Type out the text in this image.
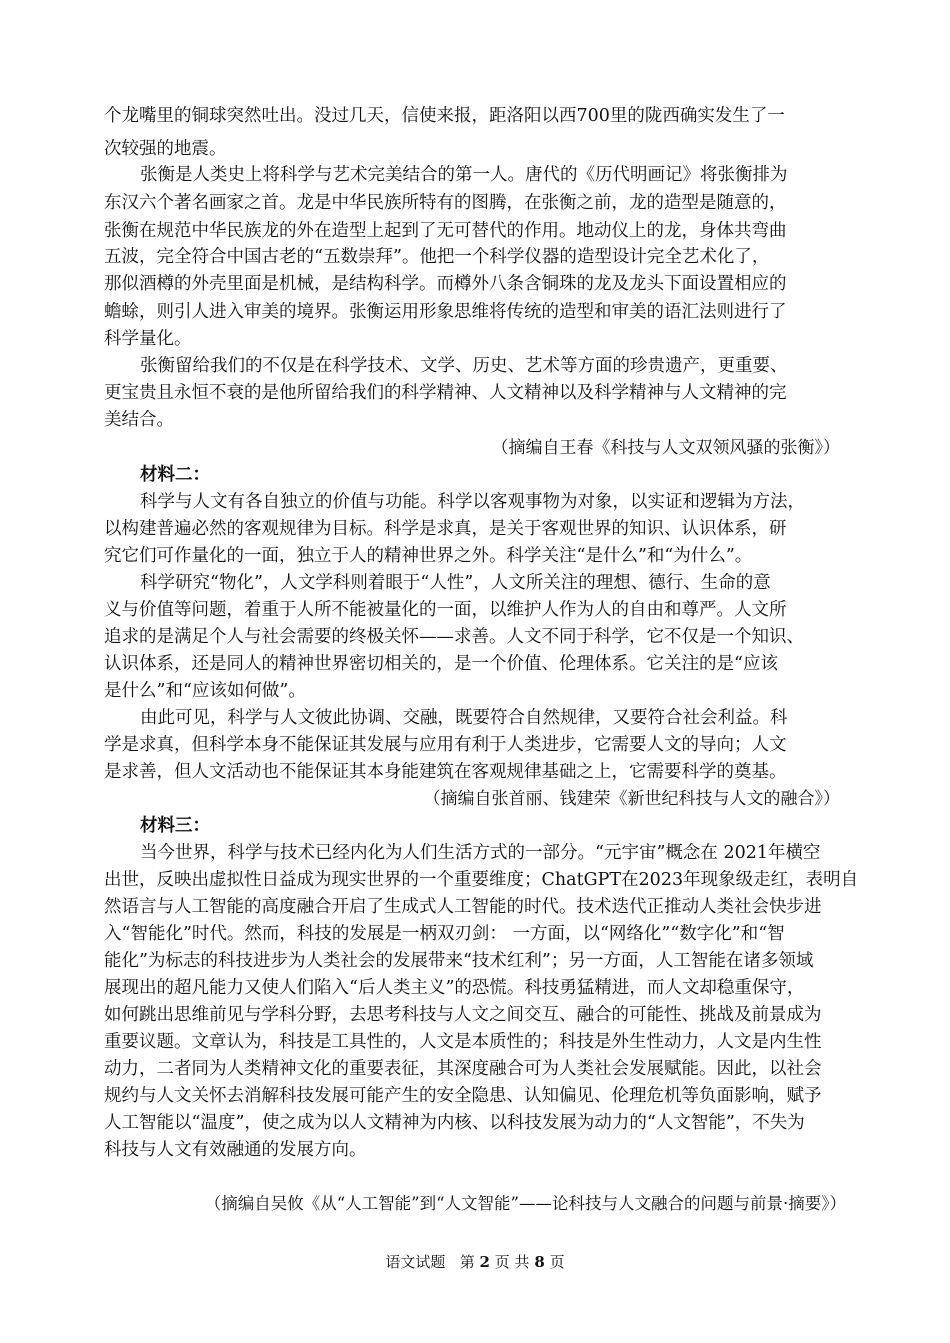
个龙嘴里的铜球突然吐出。没过几天，信使来报，距洛阳以西700里的陇西确实发生了一
次较强的地震。
张衡是人类史上将科学与艺术完美结合的第一人。唐代的《历代明画记》将张衡排为
东汉六个著名画家之首。龙是中华民族所特有的图腾，在张衡之前，龙的造型是随意的，
张衡在规范中华民族龙的外在造型上起到了无可替代的作用。地动仪上的龙，身体共弯曲
五波，完全符合中国古老的“五数崇拜”。他把一个科学仪器的造型设计完全艺术化了，
那似酒樽的外壳里面是机械，是结构科学。而樽外八条含铜珠的龙及龙头下面设置相应的
蟾蜍，则引人进入审美的境界。张衡运用形象思维将传统的造型和审美的语汇法则进行了
科学量化。
张衡留给我们的不仅是在科学技术、文学、历史、艺术等方面的珍贵遗产，更重要、
更宝贵且永恒不衰的是他所留给我们的科学精神、人文精神以及科学精神与人文精神的完
美结合。
（摘编自王春《科技与人文双领风骚的张衡》）
材料二：
科学与人文有各自独立的价值与功能。科学以客观事物为对象，以实证和逻辑为方法，
以构建普遍必然的客观规律为目标。科学是求真，是关于客观世界的知识、认识体系，研
究它们可作量化的一面，独立于人的精神世界之外。科学关注“是什么”和“为什么”。
科学研究“物化”，人文学科则着眼于“人性”，人文所关注的理想、德行、生命的意
义与价值等问题，着重于人所不能被量化的一面，以维护人作为人的自由和尊严。人文所
追求的是满足个人与社会需要的终极关怀——求善。人文不同于科学，它不仅是一个知识、
认识体系，还是同人的精神世界密切相关的，是一个价值、伦理体系。它关注的是“应该
是什么”和“应该如何做”。
由此可见，科学与人文彼此协调、交融，既要符合自然规律，又要符合社会利益。科
学是求真，但科学本身不能保证其发展与应用有利于人类进步，它需要人文的导向；人文
是求善，但人文活动也不能保证其本身能建筑在客观规律基础之上，它需要科学的奠基。
（摘编自张首丽、钱建荣《新世纪科技与人文的融合》）
材料三：
当今世界，科学与技术已经内化为人们生活方式的一部分。“元宇宙”概念在 2021年横空
出世，反映出虚拟性日益成为现实世界的一个重要维度；ChatGPT在2023年现象级走红，表明自
然语言与人工智能的高度融合开启了生成式人工智能的时代。技术迭代正推动人类社会快步进
入“智能化”时代。然而，科技的发展是一柄双刃剑： 一方面，以“网络化”“数字化”和“智
能化”为标志的科技进步为人类社会的发展带来“技术红利”；另一方面，人工智能在诸多领域
展现出的超凡能力又使人们陷入“后人类主义”的恐慌。科技勇猛精进，而人文却稳重保守，
如何跳出思维前见与学科分野，去思考科技与人文之间交互、融合的可能性、挑战及前景成为
重要议题。文章认为，科技是工具性的，人文是本质性的；科技是外生性动力，人文是内生性
动力，二者同为人类精神文化的重要表征，其深度融合可为人类社会发展赋能。因此，以社会
规约与人文关怀去消解科技发展可能产生的安全隐患、认知偏见、伦理危机等负面影响，赋予
人工智能以“温度”，使之成为以人文精神为内核、以科技发展为动力的“人文智能”，不失为
科技与人文有效融通的发展方向。
（摘编自吴攸《从“人工智能”到“人文智能”——论科技与人文融合的问题与前景·摘要》）
语文试题 第 2 页 共 8 页
